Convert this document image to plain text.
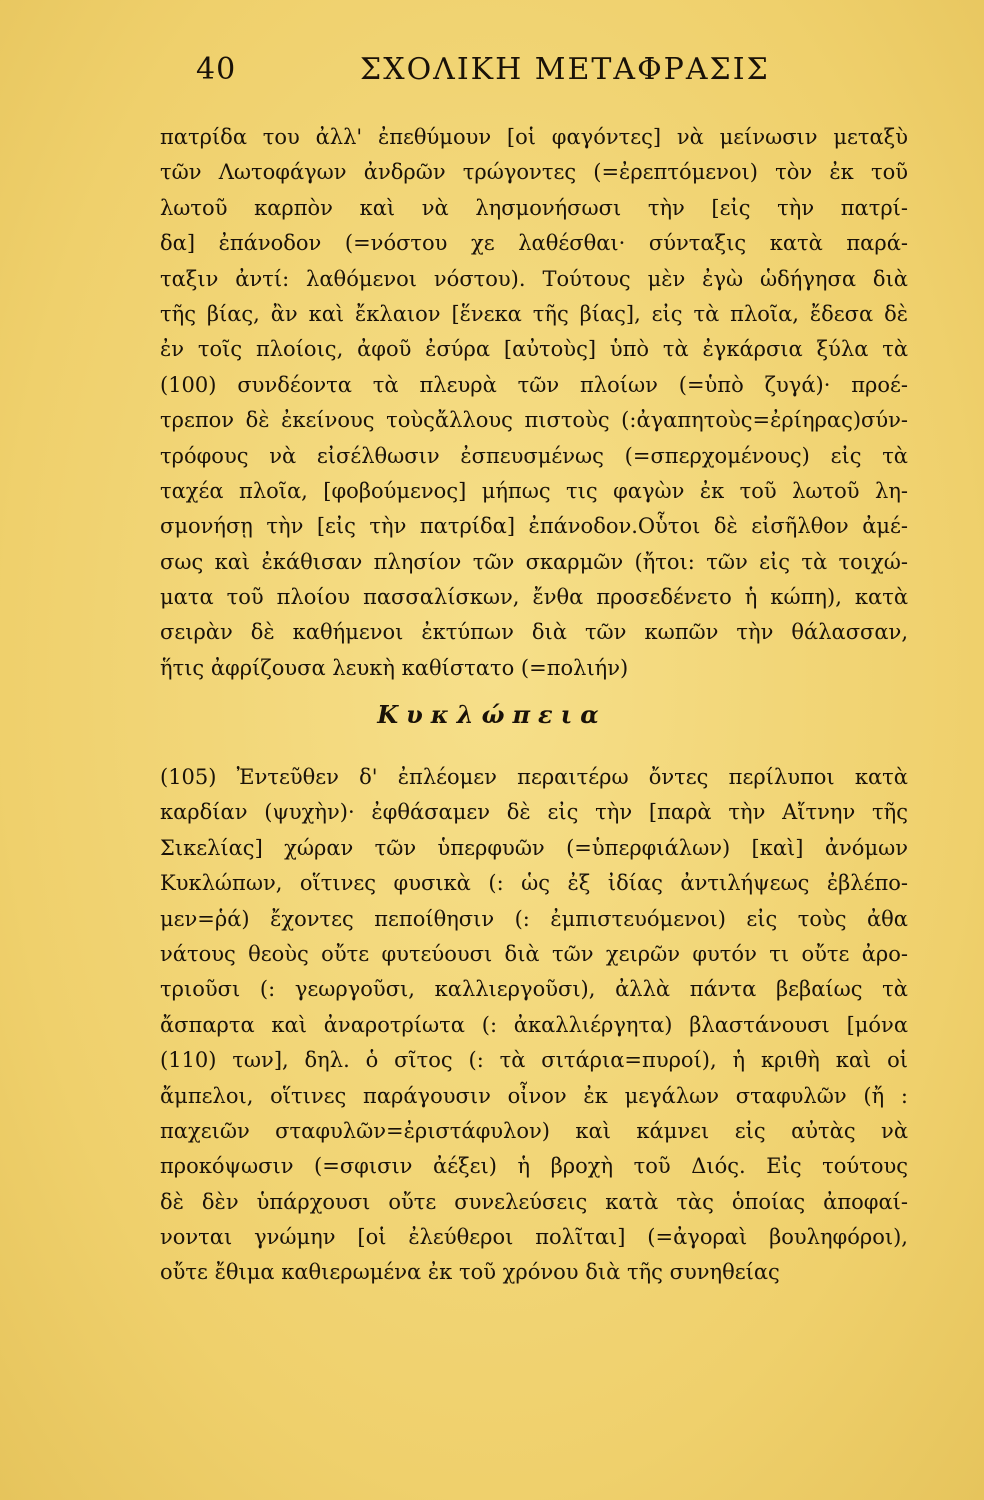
40	ΣΧΟΛΙΚΗ ΜΕΤΑΦΡΑΣΙΣ
πατρίδα του ἀλλ' ἐπεθύμουν [οἱ φαγόντες] νὰ μείνωσιν μεταξὺ
τῶν Λωτοφάγων ἀνδρῶν τρώγοντες (=ἐρεπτόμενοι) τὸν ἐκ τοῦ
λωτοῦ καρπὸν καὶ νὰ λησμονήσωσι τὴν [εἰς τὴν πατρί-
δα] ἐπάνοδον (=νόστου χε λαθέσθαι· σύνταξις κατὰ παρά-
ταξιν ἀντί: λαθόμενοι νόστου). Τούτους μὲν ἐγὼ ὡδήγησα διὰ
τῆς βίας, ἂν καὶ ἔκλαιον [ἕνεκα τῆς βίας], εἰς τὰ πλοῖα, ἔδεσα δὲ
ἐν τοῖς πλοίοις, ἀφοῦ ἐσύρα [αὐτοὺς] ὑπὸ τὰ ἐγκάρσια ξύλα τὰ
(100) συνδέοντα τὰ πλευρὰ τῶν πλοίων (=ὑπὸ ζυγά)· προέ-
τρεπον δὲ ἐκείνους τοὺςἄλλους πιστοὺς (:ἀγαπητοὺς=ἐρίηρας)σύν-
τρόφους νὰ εἰσέλθωσιν ἐσπευσμένως (=σπερχομένους) εἰς τὰ
ταχέα πλοῖα, [φοβούμενος] μήπως τις φαγὼν ἐκ τοῦ λωτοῦ λη-
σμονήσῃ τὴν [εἰς τὴν πατρίδα] ἐπάνοδον.Οὗτοι δὲ εἰσῆλθον ἀμέ-
σως καὶ ἐκάθισαν πλησίον τῶν σκαρμῶν (ἤτοι: τῶν εἰς τὰ τοιχώ-
ματα τοῦ πλοίου πασσαλίσκων, ἔνθα προσεδένετο ἡ κώπη), κατὰ
σειρὰν δὲ καθήμενοι ἐκτύπων διὰ τῶν κωπῶν τὴν θάλασσαν,
ἥτις ἀφρίζουσα λευκὴ καθίστατο (=πολιήν)
Κυκλώπεια
(105) Ἐντεῦθεν δ' ἐπλέομεν περαιτέρω ὄντες περίλυποι κατὰ
καρδίαν (ψυχὴν)· ἐφθάσαμεν δὲ εἰς τὴν [παρὰ τὴν Αἴτνην τῆς
Σικελίας] χώραν τῶν ὑπερφυῶν (=ὑπερφιάλων) [καὶ] ἀνόμων
Κυκλώπων, οἵτινες φυσικὰ (: ὡς ἐξ ἰδίας ἀντιλήψεως ἐβλέπο-
μεν=ῥά) ἔχοντες πεποίθησιν (: ἐμπιστευόμενοι) εἰς τοὺς ἀθα
νάτους θεοὺς οὔτε φυτεύουσι διὰ τῶν χειρῶν φυτόν τι οὔτε ἀρο-
τριοῦσι (: γεωργοῦσι, καλλιεργοῦσι), ἀλλὰ πάντα βεβαίως τὰ
ἄσπαρτα καὶ ἀναροτρίωτα (: ἀκαλλιέργητα) βλαστάνουσι [μόνα
(110) των], δηλ. ὁ σῖτος (: τὰ σιτάρια=πυροί), ἡ κριθὴ καὶ οἱ
ἄμπελοι, οἵτινες παράγουσιν οἶνον ἐκ μεγάλων σταφυλῶν (ἤ :
παχειῶν σταφυλῶν=ἐριστάφυλον) καὶ κάμνει εἰς αὐτὰς νὰ
προκόψωσιν (=σφισιν ἀέξει) ἡ βροχὴ τοῦ Διός. Εἰς τούτους
δὲ δὲν ὑπάρχουσι οὔτε συνελεύσεις κατὰ τὰς ὁποίας ἀποφαί-
νονται γνώμην [οἱ ἐλεύθεροι πολῖται] (=ἀγοραὶ βουληφόροι),
οὔτε ἔθιμα καθιερωμένα ἐκ τοῦ χρόνου διὰ τῆς συνηθείας
